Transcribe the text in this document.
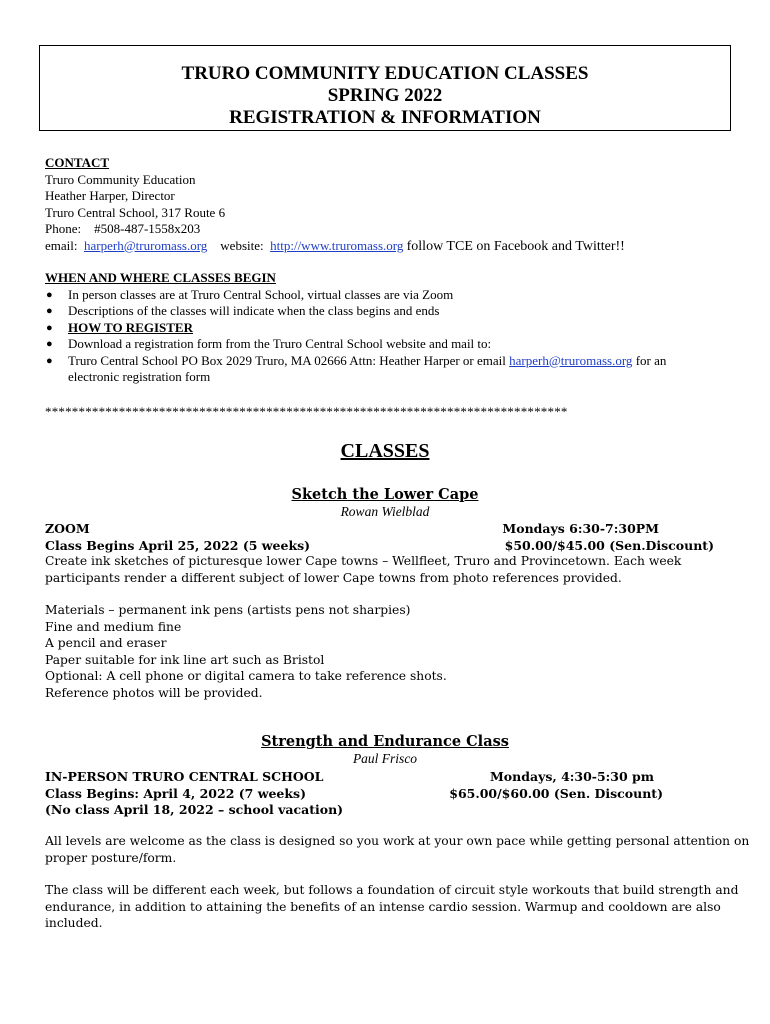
TRURO COMMUNITY EDUCATION CLASSES
SPRING 2022
REGISTRATION & INFORMATION
CONTACT
Truro Community Education
Heather Harper, Director
Truro Central School, 317 Route 6
Phone:    #508-487-1558x203
email: harperh@truromass.org website: http://www.truromass.org follow TCE on Facebook and Twitter!!
WHEN AND WHERE CLASSES BEGIN
● In person classes are at Truro Central School, virtual classes are via Zoom
● Descriptions of the classes will indicate when the class begins and ends
● HOW TO REGISTER
● Download a registration form from the Truro Central School website and mail to:
● Truro Central School PO Box 2029 Truro, MA 02666 Attn: Heather Harper or email harperh@truromass.org for an
electronic registration form
******************************************************************************
CLASSES
Sketch the Lower Cape
Rowan Wielblad
ZOOM
Class Begins April 25, 2022 (5 weeks)
Mondays 6:30-7:30PM
$50.00/$45.00 (Sen.Discount)
Create ink sketches of picturesque lower Cape towns – Wellfleet, Truro and Provincetown. Each week
participants render a different subject of lower Cape towns from photo references provided.
Materials – permanent ink pens (artists pens not sharpies)
Fine and medium fine
A pencil and eraser
Paper suitable for ink line art such as Bristol
Optional: A cell phone or digital camera to take reference shots.
Reference photos will be provided.
Strength and Endurance Class
Paul Frisco
IN-PERSON TRURO CENTRAL SCHOOL
Class Begins: April 4, 2022 (7 weeks)
(No class April 18, 2022 – school vacation)
Mondays, 4:30-5:30 pm
$65.00/$60.00 (Sen. Discount)
All levels are welcome as the class is designed so you work at your own pace while getting personal attention on
proper posture/form.
The class will be different each week, but follows a foundation of circuit style workouts that build strength and
endurance, in addition to attaining the benefits of an intense cardio session. Warmup and cooldown are also
included.
